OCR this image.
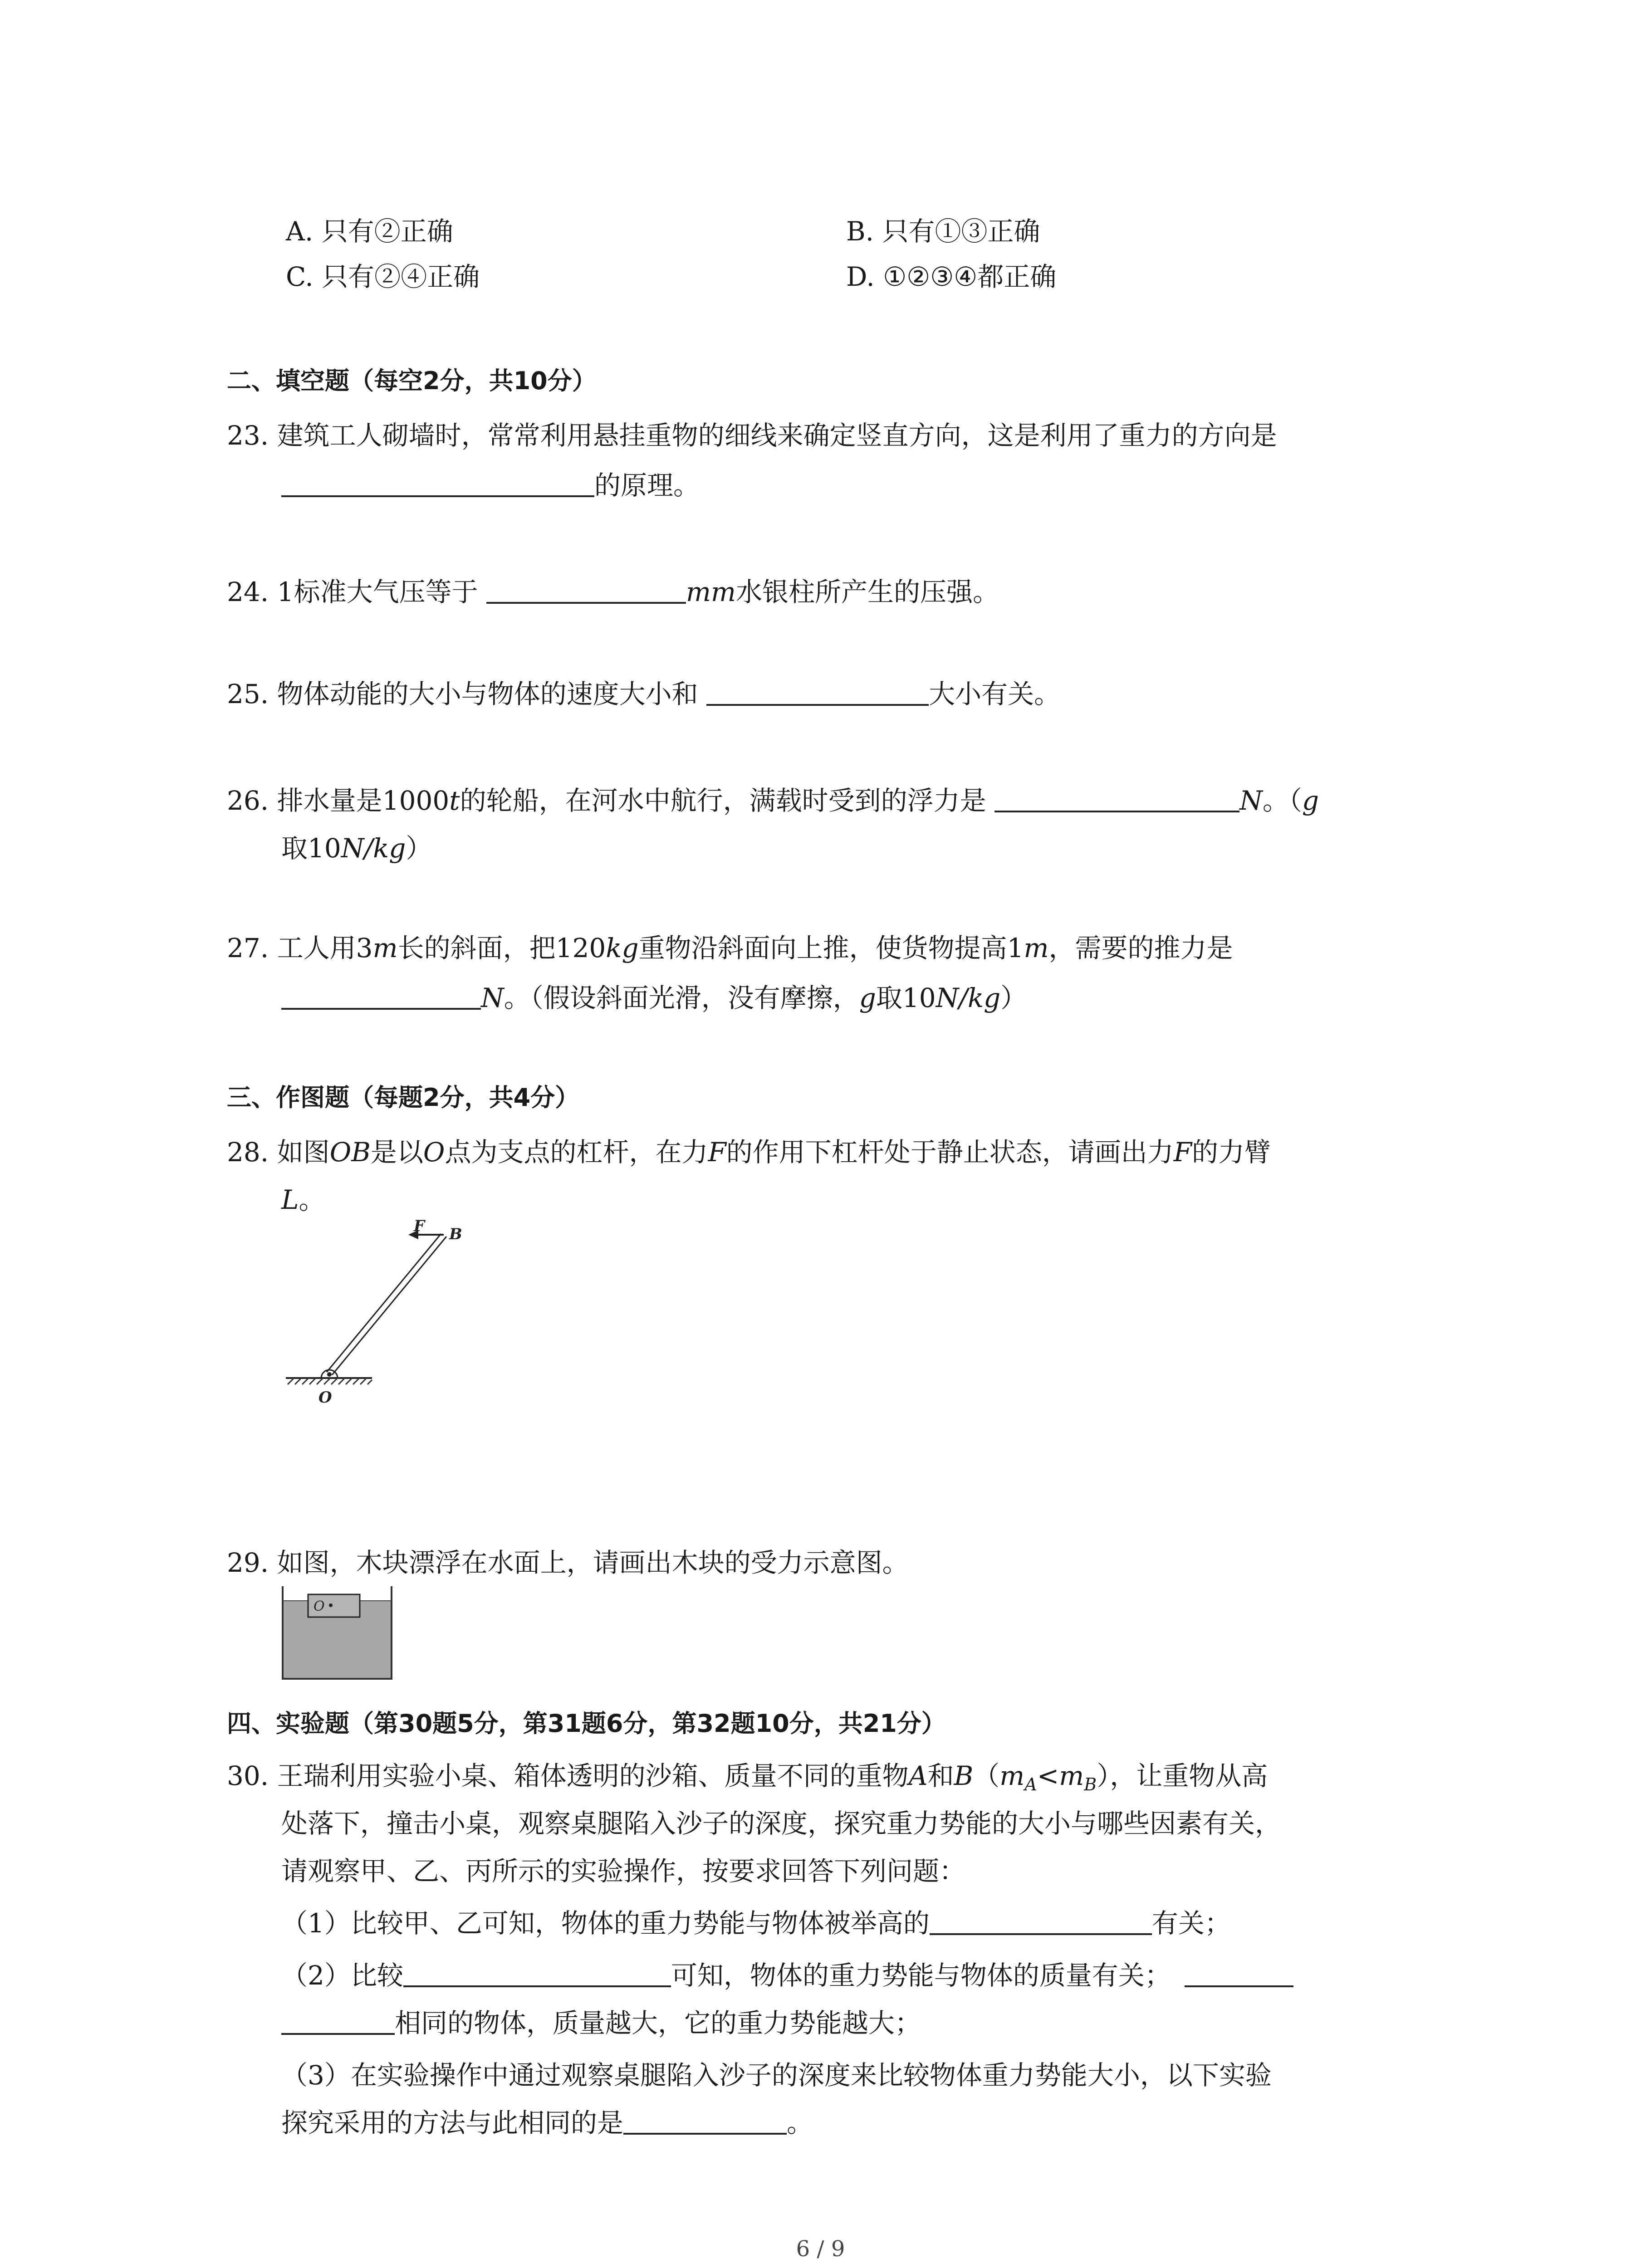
A. 只有②正确	B. 只有①③正确
C. 只有②④正确	D. ①②③④都正确
二、填空题（每空2分，共10分）
23. 建筑工人砌墙时，常常利用悬挂重物的细线来确定竖直方向，这是利用了重力的方向是
的原理。
24. 1标准大气压等于	mm水银柱所产生的压强。
25. 物体动能的大小与物体的速度大小和	大小有关。
26. 排水量是1000t的轮船，在河水中航行，满载时受到的浮力是	N。（g
取10N/kg）
27. 工人用3m长的斜面，把120kg重物沿斜面向上推，使货物提高1m，需要的推力是
N。（假设斜面光滑，没有摩擦，g取10N/kg）
三、作图题（每题2分，共4分）
28. 如图OB是以O点为支点的杠杆，在力F的作用下杠杆处于静止状态，请画出力F的力臂
L。
F B
O
29. 如图，木块漂浮在水面上，请画出木块的受力示意图。
O
四、实验题（第30题5分，第31题6分，第32题10分，共21分）
30. 王瑞利用实验小桌、箱体透明的沙箱、质量不同的重物A和$B(m_A<m_B)$，让重物从高
处落下，撞击小桌，观察桌腿陷入沙子的深度，探究重力势能的大小与哪些因素有关，
请观察甲、乙、丙所示的实验操作，按要求回答下列问题：
（1）比较甲、乙可知，物体的重力势能与物体被举高的	有关；
（2）比较	可知，物体的重力势能与物体的质量有关；
相同的物体，质量越大，它的重力势能越大；
（3）在实验操作中通过观察桌腿陷入沙子的深度来比较物体重力势能大小，以下实验
探究采用的方法与此相同的是	。
6 / 9
